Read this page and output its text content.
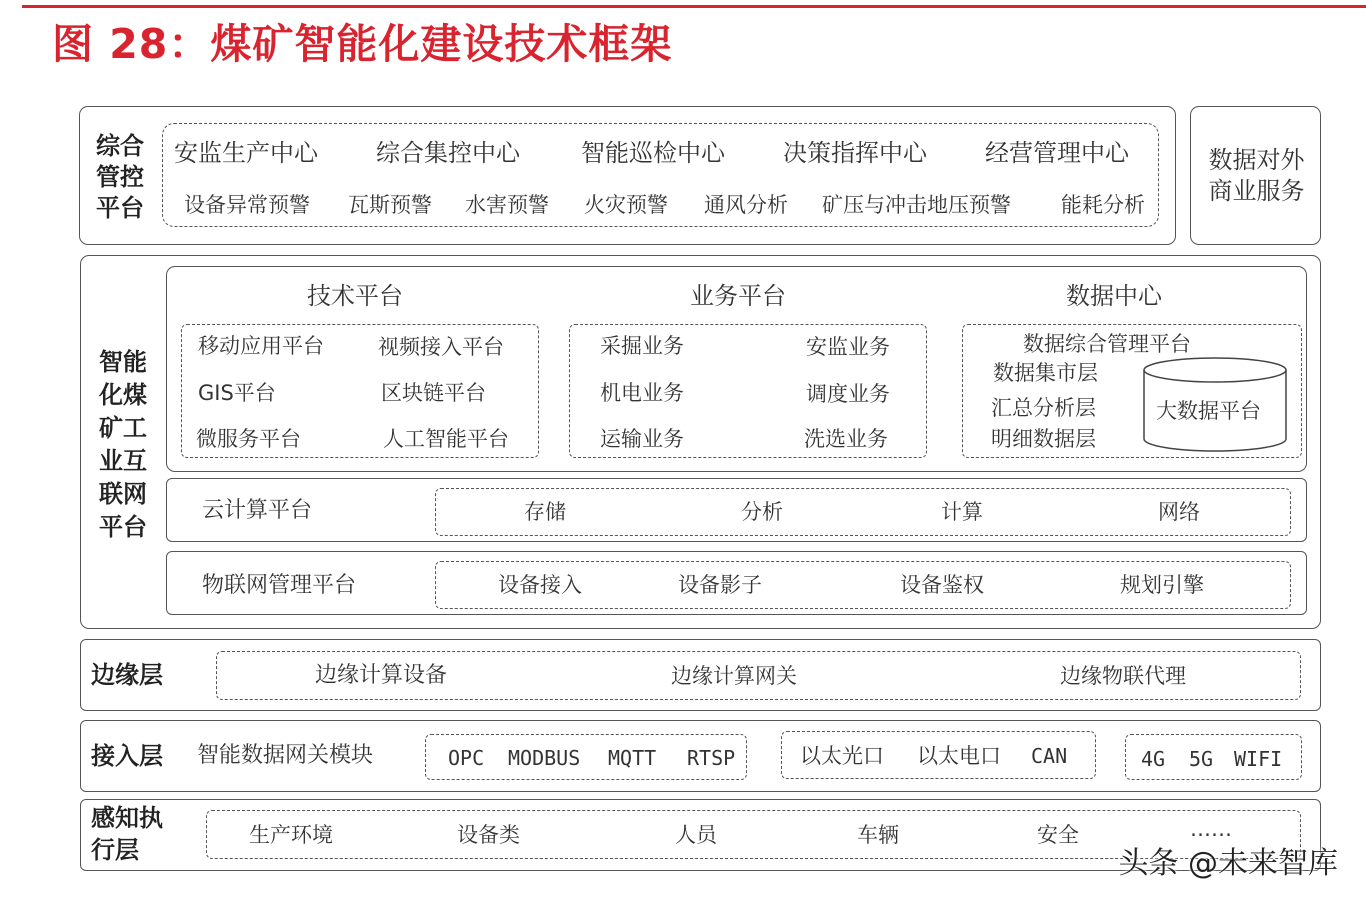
图 28：煤矿智能化建设技术框架
综合
管控
平台
安监生产中心 综合集控中心	智能巡检中心 决策指挥中心 经营管理中心
设备异常预警 瓦斯预警 水害预警 火灾预警 通风分析 矿压与冲击地压预警 能耗分析
数据对外
商业服务
智能
化煤
矿工
业互
联网
平台
技术平台
移动应用平台	视频接入平台
GIS平台	区块链平台
微服务平台	人工智能平台
业务平台
采掘业务	安监业务
机电业务	调度业务
运输业务	洗选业务
数据中心
数据综合管理平台
数据集市层
汇总分析层
明细数据层
大数据平台
云计算平台	存储	分析	计算	网络
物联网管理平台	设备接入	设备影子	设备鉴权	规划引擎
边缘层	边缘计算设备	边缘计算网关	边缘物联代理
接入层	智能数据网关模块	OPC MODBUS MQTT RTSP	以太光口 以太电口 CAN	4G 5G WIFI
感知执
行层
生产环境	设备类	人员	车辆	安全	……
头条 @未来智库
